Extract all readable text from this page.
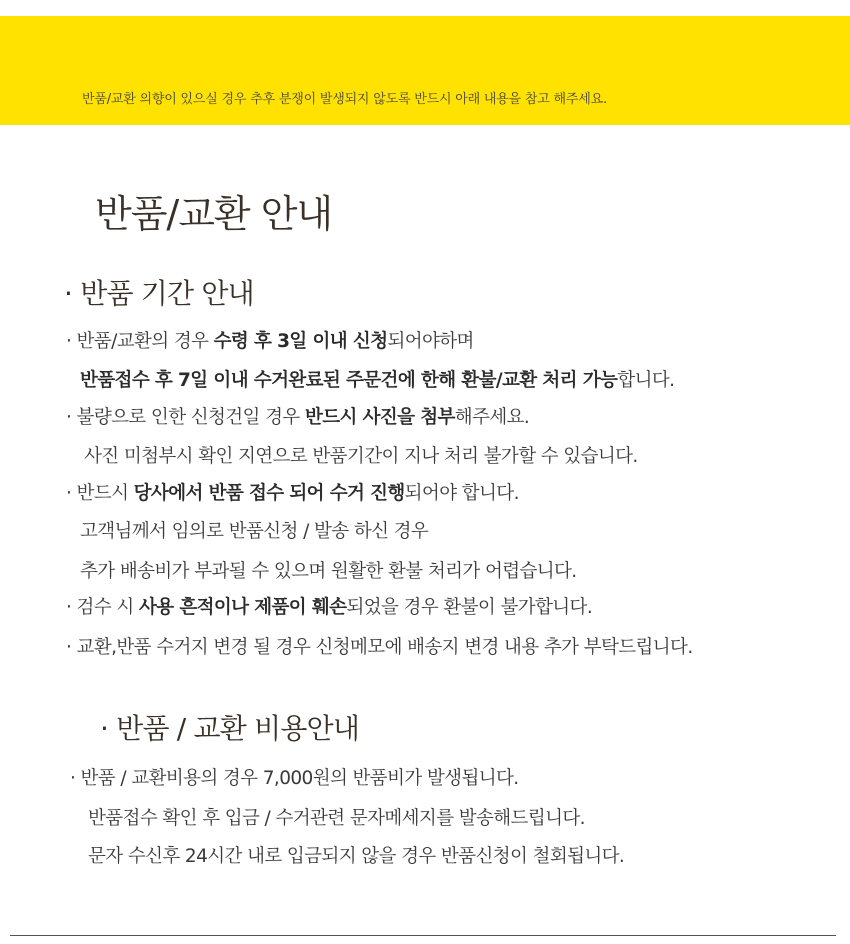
반품/교환 의향이 있으실 경우 추후 분쟁이 발생되지 않도록 반드시 아래 내용을 참고 해주세요.
반품/교환 안내
· 반품 기간 안내
· 반품/교환의 경우 수령 후 3일 이내 신청되어야하며
반품접수 후 7일 이내 수거완료된 주문건에 한해 환불/교환 처리 가능합니다.
· 불량으로 인한 신청건일 경우 반드시 사진을 첨부해주세요.
사진 미첨부시 확인 지연으로 반품기간이 지나 처리 불가할 수 있습니다.
· 반드시 당사에서 반품 접수 되어 수거 진행되어야 합니다.
고객님께서 임의로 반품신청 / 발송 하신 경우
추가 배송비가 부과될 수 있으며 원활한 환불 처리가 어렵습니다.
· 검수 시 사용 흔적이나 제품이 훼손되었을 경우 환불이 불가합니다.
· 교환,반품 수거지 변경 될 경우 신청메모에 배송지 변경 내용 추가 부탁드립니다.
· 반품 / 교환 비용안내
· 반품 / 교환비용의 경우 7,000원의 반품비가 발생됩니다.
반품접수 확인 후 입금 / 수거관련 문자메세지를 발송해드립니다.
문자 수신후 24시간 내로 입금되지 않을 경우 반품신청이 철회됩니다.
